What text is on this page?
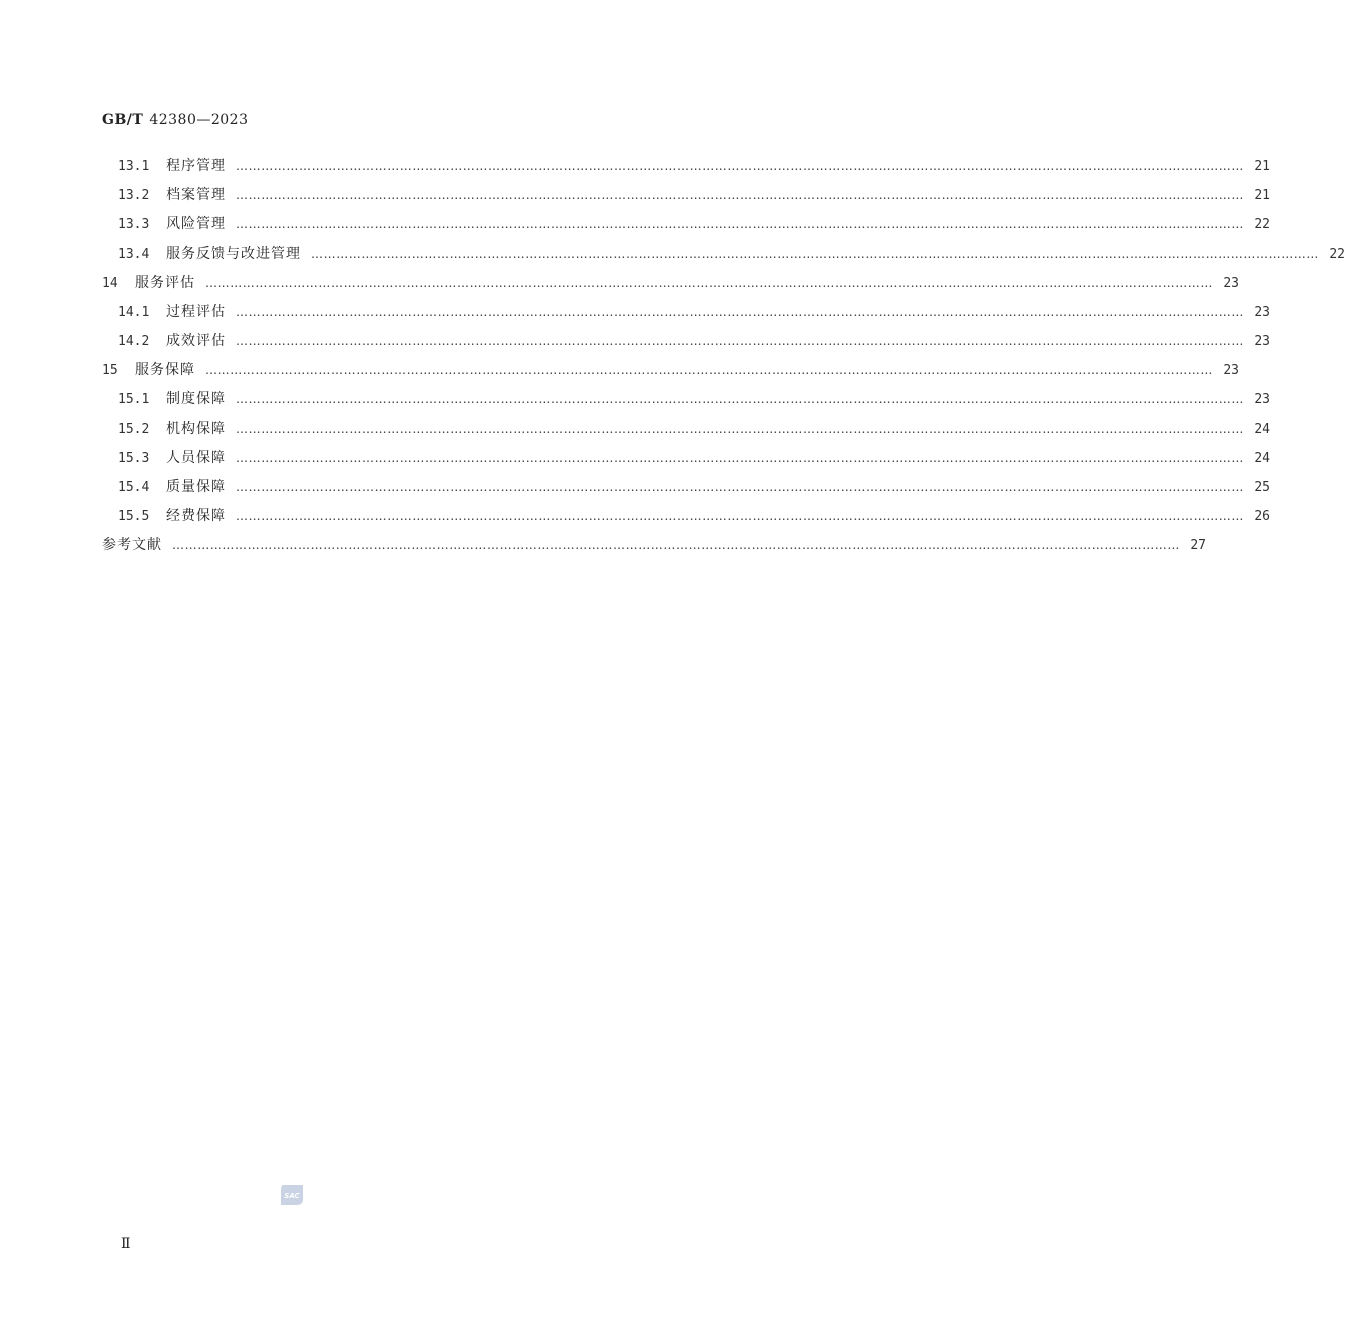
GB/T 42380—2023
13.1	程序管理 …………………………………………………………………………………………………………………………………………………………………………………………………………………… 21
13.2	档案管理 …………………………………………………………………………………………………………………………………………………………………………………………………………………… 21
13.3	风险管理 …………………………………………………………………………………………………………………………………………………………………………………………………………………… 22
13.4	服务反馈与改进管理 …………………………………………………………………………………………………………………………………………………………………………………………………………………… 22
14	服务评估 …………………………………………………………………………………………………………………………………………………………………………………………………………………… 23
14.1	过程评估 …………………………………………………………………………………………………………………………………………………………………………………………………………………… 23
14.2	成效评估 …………………………………………………………………………………………………………………………………………………………………………………………………………………… 23
15	服务保障 …………………………………………………………………………………………………………………………………………………………………………………………………………………… 23
15.1	制度保障 …………………………………………………………………………………………………………………………………………………………………………………………………………………… 23
15.2	机构保障 …………………………………………………………………………………………………………………………………………………………………………………………………………………… 24
15.3	人员保障 …………………………………………………………………………………………………………………………………………………………………………………………………………………… 24
15.4	质量保障 …………………………………………………………………………………………………………………………………………………………………………………………………………………… 25
15.5	经费保障 …………………………………………………………………………………………………………………………………………………………………………………………………………………… 26
参考文献 …………………………………………………………………………………………………………………………………………………………………………………………………………………… 27
SAC
Ⅱ
